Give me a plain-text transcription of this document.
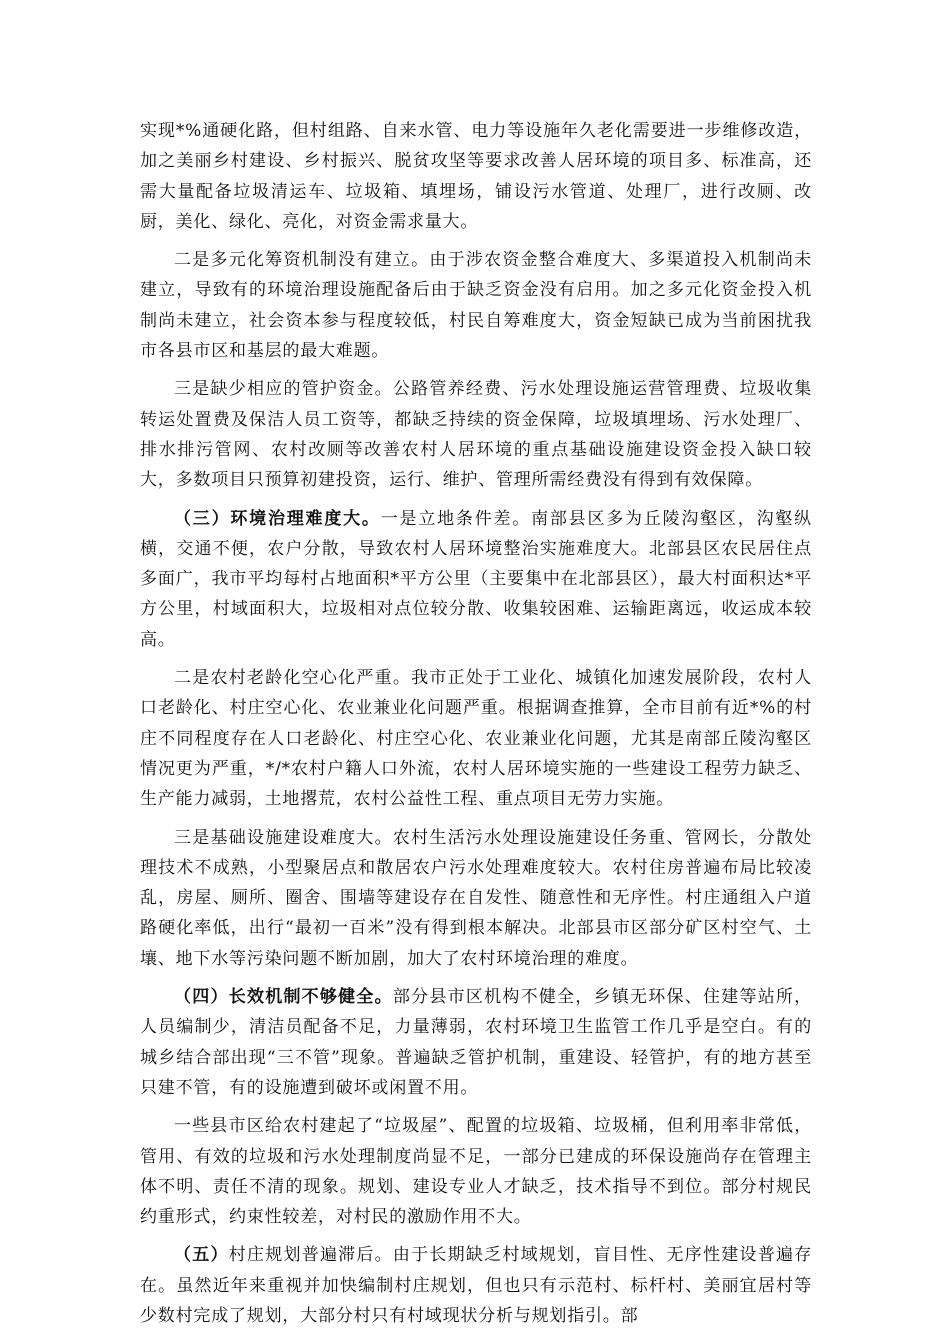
实现*%通硬化路，但村组路、自来水管、电力等设施年久老化需要进一步维修改造，加之美丽乡村建设、乡村振兴、脱贫攻坚等要求改善人居环境的项目多、标准高，还需大量配备垃圾清运车、垃圾箱、填埋场，铺设污水管道、处理厂，进行改厕、改厨，美化、绿化、亮化，对资金需求量大。

二是多元化筹资机制没有建立。由于涉农资金整合难度大、多渠道投入机制尚未建立，导致有的环境治理设施配备后由于缺乏资金没有启用。加之多元化资金投入机制尚未建立，社会资本参与程度较低，村民自筹难度大，资金短缺已成为当前困扰我市各县市区和基层的最大难题。

三是缺少相应的管护资金。公路管养经费、污水处理设施运营管理费、垃圾收集转运处置费及保洁人员工资等，都缺乏持续的资金保障，垃圾填埋场、污水处理厂、排水排污管网、农村改厕等改善农村人居环境的重点基础设施建设资金投入缺口较大，多数项目只预算初建投资，运行、维护、管理所需经费没有得到有效保障。

（三）环境治理难度大。一是立地条件差。南部县区多为丘陵沟壑区，沟壑纵横，交通不便，农户分散，导致农村人居环境整治实施难度大。北部县区农民居住点多面广，我市平均每村占地面积*平方公里（主要集中在北部县区），最大村面积达*平方公里，村域面积大，垃圾相对点位较分散、收集较困难、运输距离远，收运成本较高。

二是农村老龄化空心化严重。我市正处于工业化、城镇化加速发展阶段，农村人口老龄化、村庄空心化、农业兼业化问题严重。根据调查推算，全市目前有近*%的村庄不同程度存在人口老龄化、村庄空心化、农业兼业化问题，尤其是南部丘陵沟壑区情况更为严重，*/*农村户籍人口外流，农村人居环境实施的一些建设工程劳力缺乏、生产能力减弱，土地撂荒，农村公益性工程、重点项目无劳力实施。

三是基础设施建设难度大。农村生活污水处理设施建设任务重、管网长，分散处理技术不成熟，小型聚居点和散居农户污水处理难度较大。农村住房普遍布局比较凌乱，房屋、厕所、圈舍、围墙等建设存在自发性、随意性和无序性。村庄通组入户道路硬化率低，出行“最初一百米”没有得到根本解决。北部县市区部分矿区村空气、土壤、地下水等污染问题不断加剧，加大了农村环境治理的难度。

（四）长效机制不够健全。部分县市区机构不健全，乡镇无环保、住建等站所，人员编制少，清洁员配备不足，力量薄弱，农村环境卫生监管工作几乎是空白。有的城乡结合部出现“三不管”现象。普遍缺乏管护机制，重建设、轻管护，有的地方甚至只建不管，有的设施遭到破坏或闲置不用。

一些县市区给农村建起了“垃圾屋”、配置的垃圾箱、垃圾桶，但利用率非常低，管用、有效的垃圾和污水处理制度尚显不足，一部分已建成的环保设施尚存在管理主体不明、责任不清的现象。规划、建设专业人才缺乏，技术指导不到位。部分村规民约重形式，约束性较差，对村民的激励作用不大。

（五）村庄规划普遍滞后。由于长期缺乏村域规划，盲目性、无序性建设普遍存在。虽然近年来重视并加快编制村庄规划，但也只有示范村、标杆村、美丽宜居村等少数村完成了规划，大部分村只有村域现状分析与规划指引。部
